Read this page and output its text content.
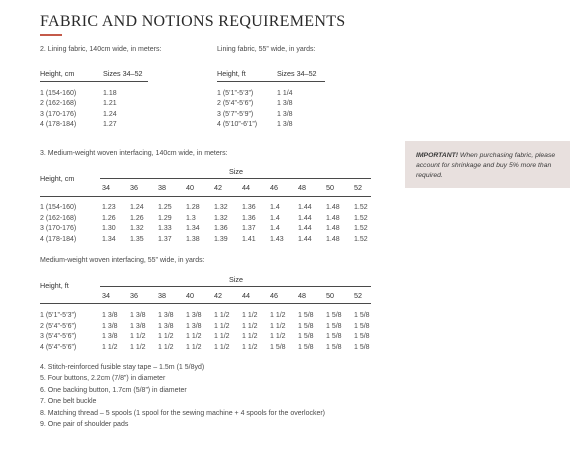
FABRIC AND NOTIONS REQUIREMENTS
2. Lining fabric, 140cm wide, in meters:
Height, cm	Sizes 34–52
1 (154-160)	1.18
2 (162-168)	1.21
3 (170-176)	1.24
4 (178-184)	1.27
Lining fabric, 55” wide, in yards:
Height, ft	Sizes 34–52
1 (5’1”-5’3”)	1 1/4
2 (5’4”-5’6”)	1 3/8
3 (5’7”-5’9”)	1 3/8
4 (5’10”-6’1”)	1 3/8
IMPORTANT! When purchasing fabric, please account for shrinkage and buy 5% more than required.
3. Medium-weight woven interfacing, 140cm wide, in meters:
Height, cm
Size
34	36	38	40	42	44	46	48	50	52
1 (154-160)	1.23 1.24 1.25 1.28 1.32 1.36 1.4	1.44 1.48 1.52
2 (162-168)	1.26 1.26 1.29 1.3	1.32 1.36 1.4	1.44 1.48 1.52
3 (170-176)	1.30 1.32 1.33 1.34 1.36 1.37 1.4	1.44 1.48 1.52
4 (178-184)	1.34 1.35 1.37 1.38 1.39 1.41 1.43 1.44 1.48 1.52
Medium-weight woven interfacing, 55” wide, in yards:
Height, ft
Size
34	36	38	40	42	44	46	48	50	52
1 (5’1”-5’3”)	1 3/8 1 3/8 1 3/8 1 3/8 1 1/2 1 1/2 1 1/2 1 5/8 1 5/8 1 5/8
2 (5’4”-5’6”)	1 3/8 1 3/8 1 3/8 1 3/8 1 1/2 1 1/2 1 1/2 1 5/8 1 5/8 1 5/8
3 (5’4”-5’6”)	1 3/8 1 1/2 1 1/2 1 1/2 1 1/2 1 1/2 1 1/2 1 5/8 1 5/8 1 5/8
4 (5’4”-5’6”)	1 1/2 1 1/2 1 1/2 1 1/2 1 1/2 1 1/2 1 5/8 1 5/8 1 5/8 1 5/8
4. Stitch-reinforced fusible stay tape – 1.5m (1 5/8yd)
5. Four buttons, 2.2cm (7/8”) in diameter
6. One backing button, 1.7cm (5/8”) in diameter
7. One belt buckle
8. Matching thread – 5 spools (1 spool for the sewing machine + 4 spools for the overlocker)
9. One pair of shoulder pads
